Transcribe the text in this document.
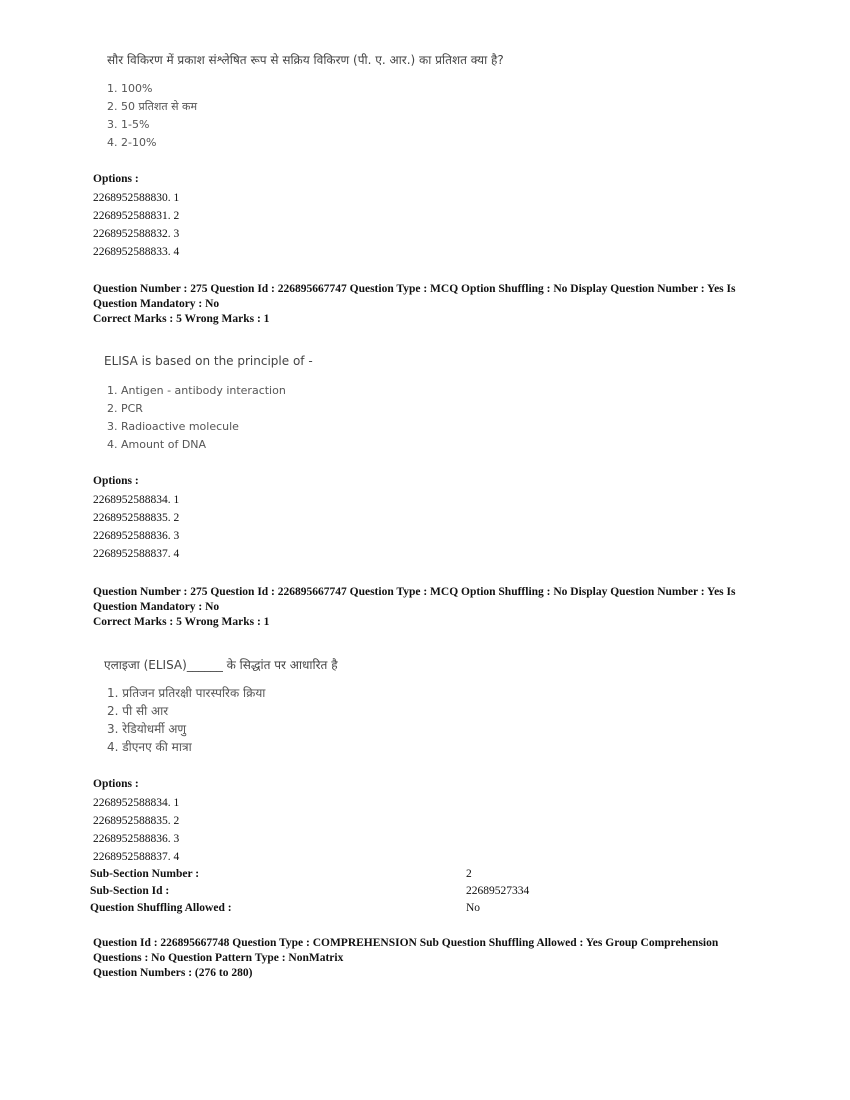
सौर विकिरण में प्रकाश संश्लेषित रूप से सक्रिय विकिरण (पी. ए. आर.) का प्रतिशत क्या है?
1. 100%
2. 50 प्रतिशत से कम
3. 1-5%
4. 2-10%
Options :
2268952588830. 1
2268952588831. 2
2268952588832. 3
2268952588833. 4
Question Number : 275 Question Id : 226895667747 Question Type : MCQ Option Shuffling : No Display Question Number : Yes Is
Question Mandatory : No
Correct Marks : 5 Wrong Marks : 1
ELISA is based on the principle of -
1. Antigen - antibody interaction
2. PCR
3. Radioactive molecule
4. Amount of DNA
Options :
2268952588834. 1
2268952588835. 2
2268952588836. 3
2268952588837. 4
Question Number : 275 Question Id : 226895667747 Question Type : MCQ Option Shuffling : No Display Question Number : Yes Is
Question Mandatory : No
Correct Marks : 5 Wrong Marks : 1
एलाइजा (ELISA)______ के सिद्धांत पर आधारित है
1. प्रतिजन प्रतिरक्षी पारस्परिक क्रिया
2. पी सी आर
3. रेडियोधर्मी अणु
4. डीएनए की मात्रा
Options :
2268952588834. 1
2268952588835. 2
2268952588836. 3
2268952588837. 4
Sub-Section Number :	2
Sub-Section Id :	22689527334
Question Shuffling Allowed :	No
Question Id : 226895667748 Question Type : COMPREHENSION Sub Question Shuffling Allowed : Yes Group Comprehension
Questions : No Question Pattern Type : NonMatrix
Question Numbers : (276 to 280)
